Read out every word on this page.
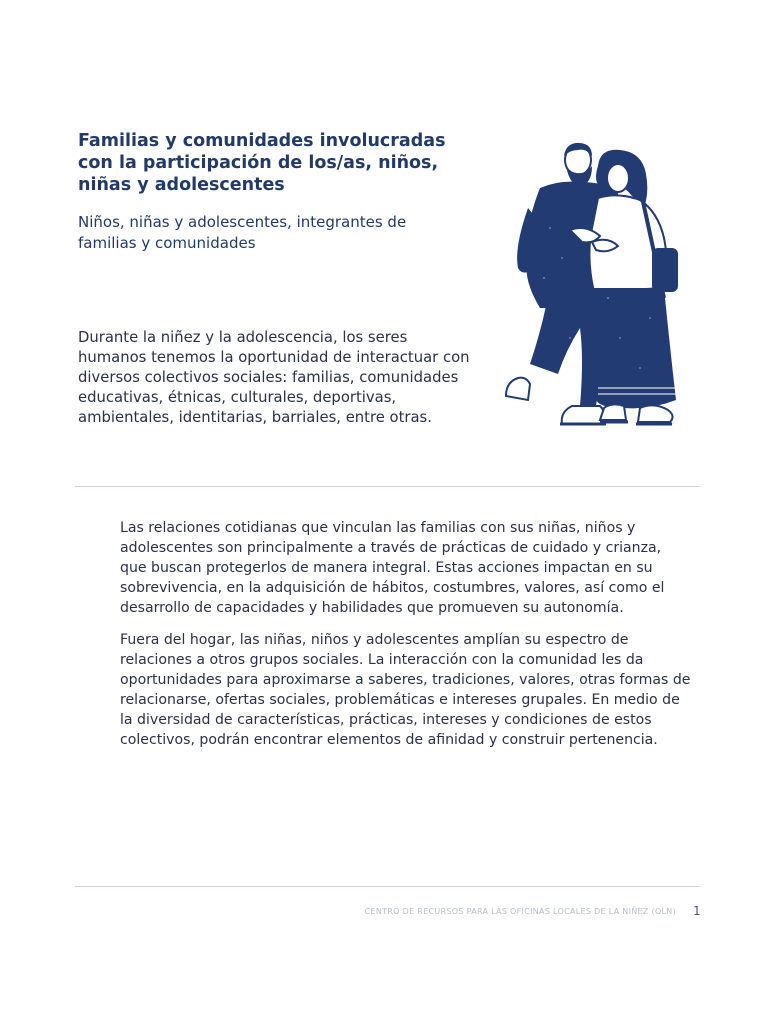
Familias y comunidades involucradas con la participación de los/as, niños, niñas y adolescentes
Niños, niñas y adolescentes, integrantes de familias y comunidades
Durante la niñez y la adolescencia, los seres humanos tenemos la oportunidad de interactuar con diversos colectivos sociales: familias, comunidades educativas, étnicas, culturales, deportivas, ambientales, identitarias, barriales, entre otras.

Las relaciones cotidianas que vinculan las familias con sus niñas, niños y adolescentes son principalmente a través de prácticas de cuidado y crianza, que buscan protegerlos de manera integral. Estas acciones impactan en su sobrevivencia, en la adquisición de hábitos, costumbres, valores, así como el desarrollo de capacidades y habilidades que promueven su autonomía.

Fuera del hogar, las niñas, niños y adolescentes amplían su espectro de relaciones a otros grupos sociales. La interacción con la comunidad les da oportunidades para aproximarse a saberes, tradiciones, valores, otras formas de relacionarse, ofertas sociales, problemáticas e intereses grupales. En medio de la diversidad de características, prácticas, intereses y condiciones de estos colectivos, podrán encontrar elementos de afinidad y construir pertenencia.

CENTRO DE RECURSOS PARA LAS OFICINAS LOCALES DE LA NIÑEZ (OLN) 1
